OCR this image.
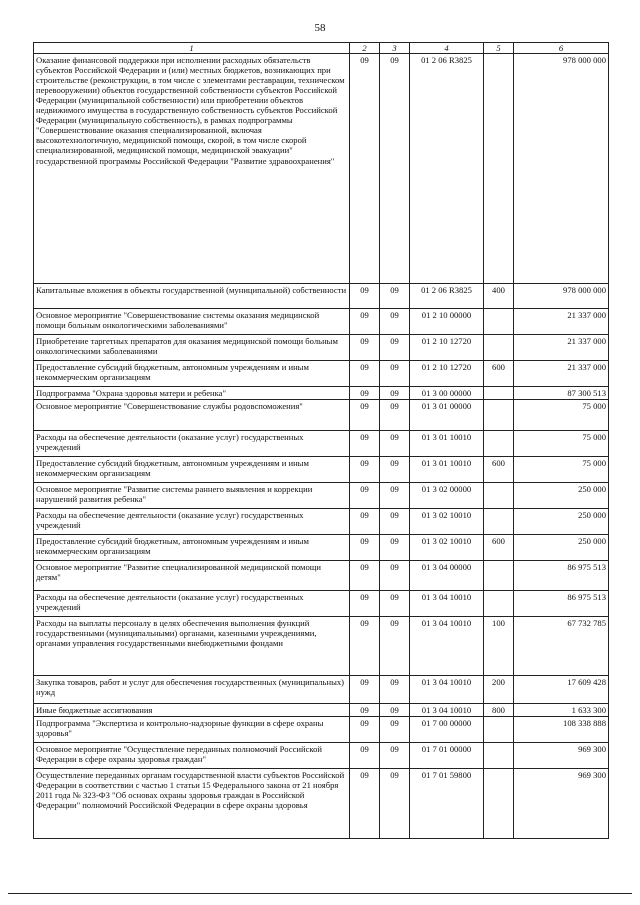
58
1	2	3	4	5	6
Оказание финансовой поддержки при исполнении расходных обязательств субъектов Российской Федерации и (или) местных бюджетов, возникающих при строительстве (реконструкции, в том числе с элементами реставрации, техническом перевооружении) объектов государственной собственности субъектов Российской Федерации (муниципальной собственности) или приобретении объектов недвижимого имущества в государственную собственность субъектов Российской Федерации (муниципальную собственность), в рамках подпрограммы "Совершенствование оказания специализированной, включая высокотехнологичную, медицинской помощи, скорой, в том числе скорой специализированной, медицинской помощи, медицинской эвакуации" государственной программы Российской Федерации "Развитие здравоохранения"	09	09	01 2 06 R3825		978 000 000
Капитальные вложения в объекты государственной (муниципальной) собственности	09	09	01 2 06 R3825	400	978 000 000
Основное мероприятие "Совершенствование системы оказания медицинской помощи больным онкологическими заболеваниями"	09	09	01 2 10 00000		21 337 000
Приобретение таргетных препаратов для оказания медицинской помощи больным онкологическими заболеваниями	09	09	01 2 10 12720		21 337 000
Предоставление субсидий бюджетным, автономным учреждениям и иным некоммерческим организациям	09	09	01 2 10 12720	600	21 337 000
Подпрограмма "Охрана здоровья матери и ребенка"	09	09	01 3 00 00000		87 300 513
Основное мероприятие "Совершенствование службы родовспоможения"	09	09	01 3 01 00000		75 000
Расходы на обеспечение деятельности (оказание услуг) государственных учреждений	09	09	01 3 01 10010		75 000
Предоставление субсидий бюджетным, автономным учреждениям и иным некоммерческим организациям	09	09	01 3 01 10010	600	75 000
Основное мероприятие "Развитие системы раннего выявления и коррекции нарушений развития ребенка"	09	09	01 3 02 00000		250 000
Расходы на обеспечение деятельности (оказание услуг) государственных учреждений	09	09	01 3 02 10010		250 000
Предоставление субсидий бюджетным, автономным учреждениям и иным некоммерческим организациям	09	09	01 3 02 10010	600	250 000
Основное мероприятие "Развитие специализированной медицинской помощи детям"	09	09	01 3 04 00000		86 975 513
Расходы на обеспечение деятельности (оказание услуг) государственных учреждений	09	09	01 3 04 10010		86 975 513
Расходы на выплаты персоналу в целях обеспечения выполнения функций государственными (муниципальными) органами, казенными учреждениями, органами управления государственными внебюджетными фондами	09	09	01 3 04 10010	100	67 732 785
Закупка товаров, работ и услуг для обеспечения государственных (муниципальных) нужд	09	09	01 3 04 10010	200	17 609 428
Иные бюджетные ассигнования	09	09	01 3 04 10010	800	1 633 300
Подпрограмма "Экспертиза и контрольно-надзорные функции в сфере охраны здоровья"	09	09	01 7 00 00000		108 338 888
Основное мероприятие "Осуществление переданных полномочий Российской Федерации в сфере охраны здоровья граждан"	09	09	01 7 01 00000		969 300
Осуществление переданных органам государственной власти субъектов Российской Федерации в соответствии с частью 1 статьи 15 Федерального закона от 21 ноября 2011 года № 323-ФЗ "Об основах охраны здоровья граждан в Российской Федерации" полномочий Российской Федерации в сфере охраны здоровья	09	09	01 7 01 59800		969 300
